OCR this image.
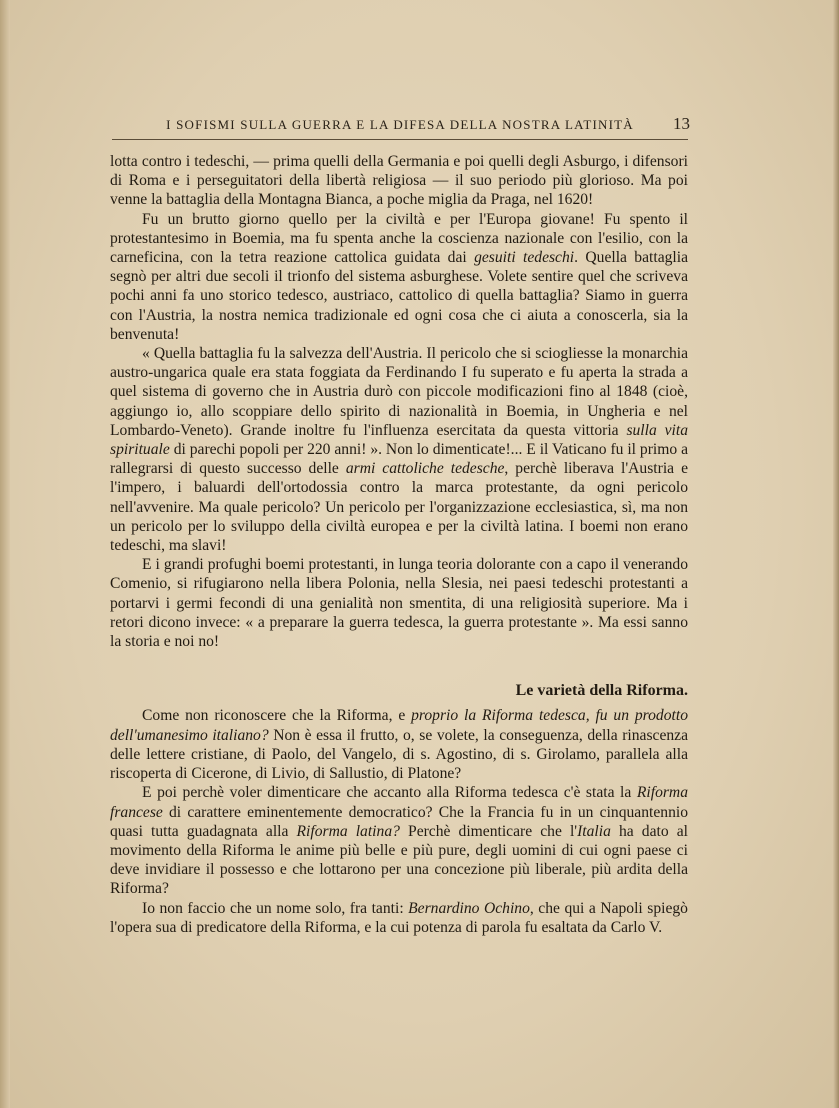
I SOFISMI SULLA GUERRA E LA DIFESA DELLA NOSTRA LATINITÀ	13

lotta contro i tedeschi, — prima quelli della Germania e poi quelli degli Asburgo, i difensori di Roma e i perseguitatori della libertà religiosa — il suo periodo più glorioso. Ma poi venne la battaglia della Montagna Bianca, a poche miglia da Praga, nel 1620!

Fu un brutto giorno quello per la civiltà e per l'Europa giovane! Fu spento il protestantesimo in Boemia, ma fu spenta anche la coscienza nazionale con l'esilio, con la carneficina, con la tetra reazione cattolica guidata dai gesuiti tedeschi. Quella battaglia segnò per altri due secoli il trionfo del sistema asburghese. Volete sentire quel che scriveva pochi anni fa uno storico tedesco, austriaco, cattolico di quella battaglia? Siamo in guerra con l'Austria, la nostra nemica tradizionale ed ogni cosa che ci aiuta a conoscerla, sia la benvenuta!

« Quella battaglia fu la salvezza dell'Austria. Il pericolo che si sciogliesse la monarchia austro-ungarica quale era stata foggiata da Ferdinando I fu superato e fu aperta la strada a quel sistema di governo che in Austria durò con piccole modificazioni fino al 1848 (cioè, aggiungo io, allo scoppiare dello spirito di nazionalità in Boemia, in Ungheria e nel Lombardo-Veneto). Grande inoltre fu l'influenza esercitata da questa vittoria sulla vita spirituale di parechi popoli per 220 anni! ». Non lo dimenticate!... E il Vaticano fu il primo a rallegrarsi di questo successo delle armi cattoliche tedesche, perchè liberava l'Austria e l'impero, i baluardi dell'ortodossia contro la marca protestante, da ogni pericolo nell'avvenire. Ma quale pericolo? Un pericolo per l'organizzazione ecclesiastica, sì, ma non un pericolo per lo sviluppo della civiltà europea e per la civiltà latina. I boemi non erano tedeschi, ma slavi!

E i grandi profughi boemi protestanti, in lunga teoria dolorante con a capo il venerando Comenio, si rifugiarono nella libera Polonia, nella Slesia, nei paesi tedeschi protestanti a portarvi i germi fecondi di una genialità non smentita, di una religiosità superiore. Ma i retori dicono invece: « a preparare la guerra tedesca, la guerra protestante ». Ma essi sanno la storia e noi no!

Le varietà della Riforma.

Come non riconoscere che la Riforma, e proprio la Riforma tedesca, fu un prodotto dell'umanesimo italiano? Non è essa il frutto, o, se volete, la conseguenza, della rinascenza delle lettere cristiane, di Paolo, del Vangelo, di s. Agostino, di s. Girolamo, parallela alla riscoperta di Cicerone, di Livio, di Sallustio, di Platone?

E poi perchè voler dimenticare che accanto alla Riforma tedesca c'è stata la Riforma francese di carattere eminentemente democratico? Che la Francia fu in un cinquantennio quasi tutta guadagnata alla Riforma latina? Perchè dimenticare che l'Italia ha dato al movimento della Riforma le anime più belle e più pure, degli uomini di cui ogni paese ci deve invidiare il possesso e che lottarono per una concezione più liberale, più ardita della Riforma?

Io non faccio che un nome solo, fra tanti: Bernardino Ochino, che qui a Napoli spiegò l'opera sua di predicatore della Riforma, e la cui potenza di parola fu esaltata da Carlo V.
